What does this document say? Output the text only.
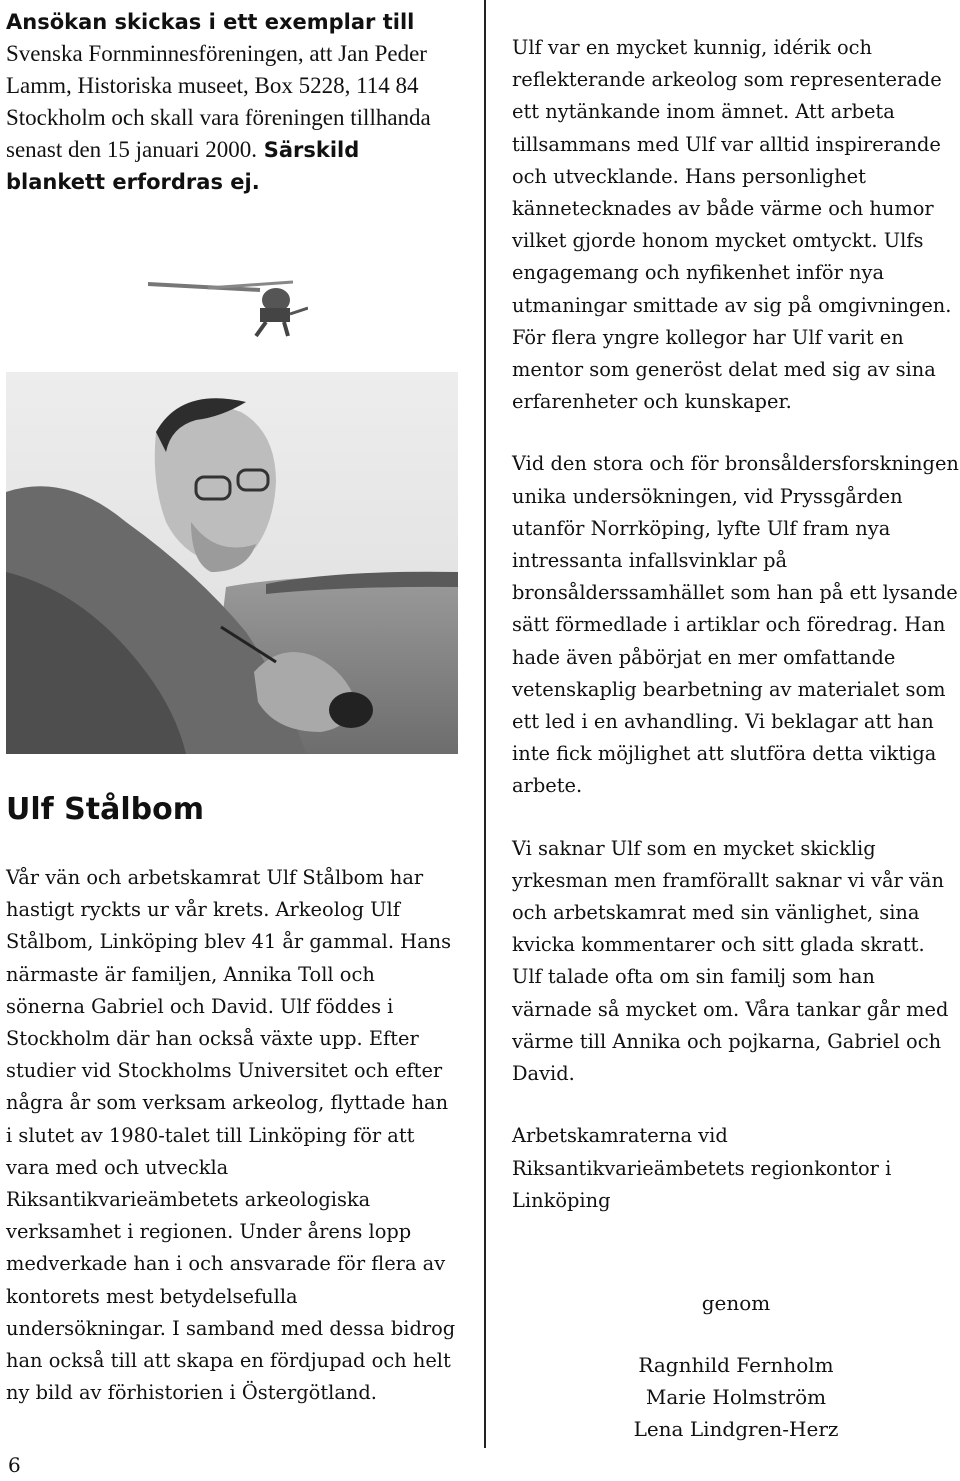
Ansökan skickas i ett exemplar till
Svenska Fornminnesföreningen, att Jan Peder Lamm, Historiska museet, Box 5228, 114 84 Stockholm och skall vara föreningen tillhanda senast den 15 januari 2000. Särskild blankett erfordras ej.

Ulf Stålbom

Vår vän och arbetskamrat Ulf Stålbom har hastigt ryckts ur vår krets. Arkeolog Ulf Stålbom, Linköping blev 41 år gammal. Hans närmaste är familjen, Annika Toll och sönerna Gabriel och David. Ulf föddes i Stockholm där han också växte upp. Efter studier vid Stockholms Universitet och efter några år som verksam arkeolog, flyttade han i slutet av 1980-talet till Linköping för att vara med och utveckla Riksantikvarieämbetets arkeologiska verksamhet i regionen. Under årens lopp medverkade han i och ansvarade för flera av kontorets mest betydelsefulla undersökningar. I samband med dessa bidrog han också till att skapa en fördjupad och helt ny bild av förhistorien i Östergötland.

6

Ulf var en mycket kunnig, idérik och reflekterande arkeolog som representerade ett nytänkande inom ämnet. Att arbeta tillsammans med Ulf var alltid inspirerande och utvecklande. Hans personlighet kännetecknades av både värme och humor vilket gjorde honom mycket omtyckt. Ulfs engagemang och nyfikenhet inför nya utmaningar smittade av sig på omgivningen. För flera yngre kollegor har Ulf varit en mentor som generöst delat med sig av sina erfarenheter och kunskaper.

Vid den stora och för bronsåldersforskningen unika undersökningen, vid Pryssgården utanför Norrköping, lyfte Ulf fram nya intressanta infallsvinklar på bronsålderssamhället som han på ett lysande sätt förmedlade i artiklar och föredrag. Han hade även påbörjat en mer omfattande vetenskaplig bearbetning av materialet som ett led i en avhandling. Vi beklagar att han inte fick möjlighet att slutföra detta viktiga arbete.

Vi saknar Ulf som en mycket skicklig yrkesman men framförallt saknar vi vår vän och arbetskamrat med sin vänlighet, sina kvicka kommentarer och sitt glada skratt. Ulf talade ofta om sin familj som han värnade så mycket om. Våra tankar går med värme till Annika och pojkarna, Gabriel och David.

Arbetskamraterna vid Riksantikvarieämbetets regionkontor i Linköping

genom

Ragnhild Fernholm

Marie Holmström

Lena Lindgren-Herz
